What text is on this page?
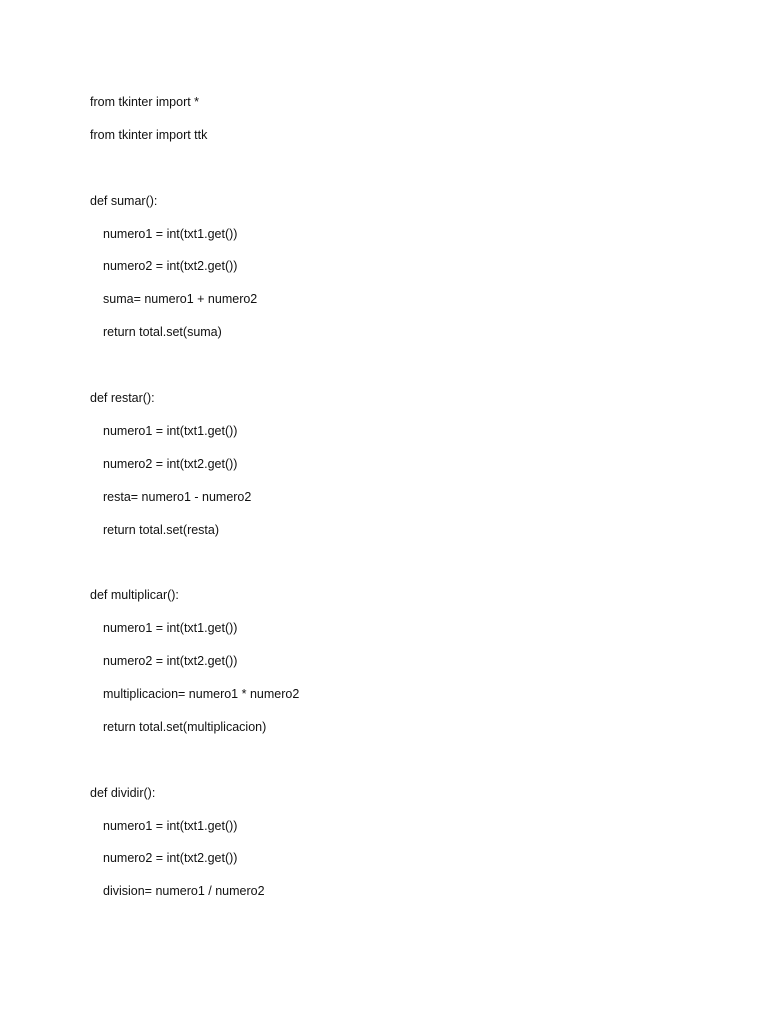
from tkinter import *
from tkinter import ttk
def sumar():
numero1 = int(txt1.get())
numero2 = int(txt2.get())
suma= numero1 + numero2
return total.set(suma)
def restar():
numero1 = int(txt1.get())
numero2 = int(txt2.get())
resta= numero1 - numero2
return total.set(resta)
def multiplicar():
numero1 = int(txt1.get())
numero2 = int(txt2.get())
multiplicacion= numero1 * numero2
return total.set(multiplicacion)
def dividir():
numero1 = int(txt1.get())
numero2 = int(txt2.get())
division= numero1 / numero2
